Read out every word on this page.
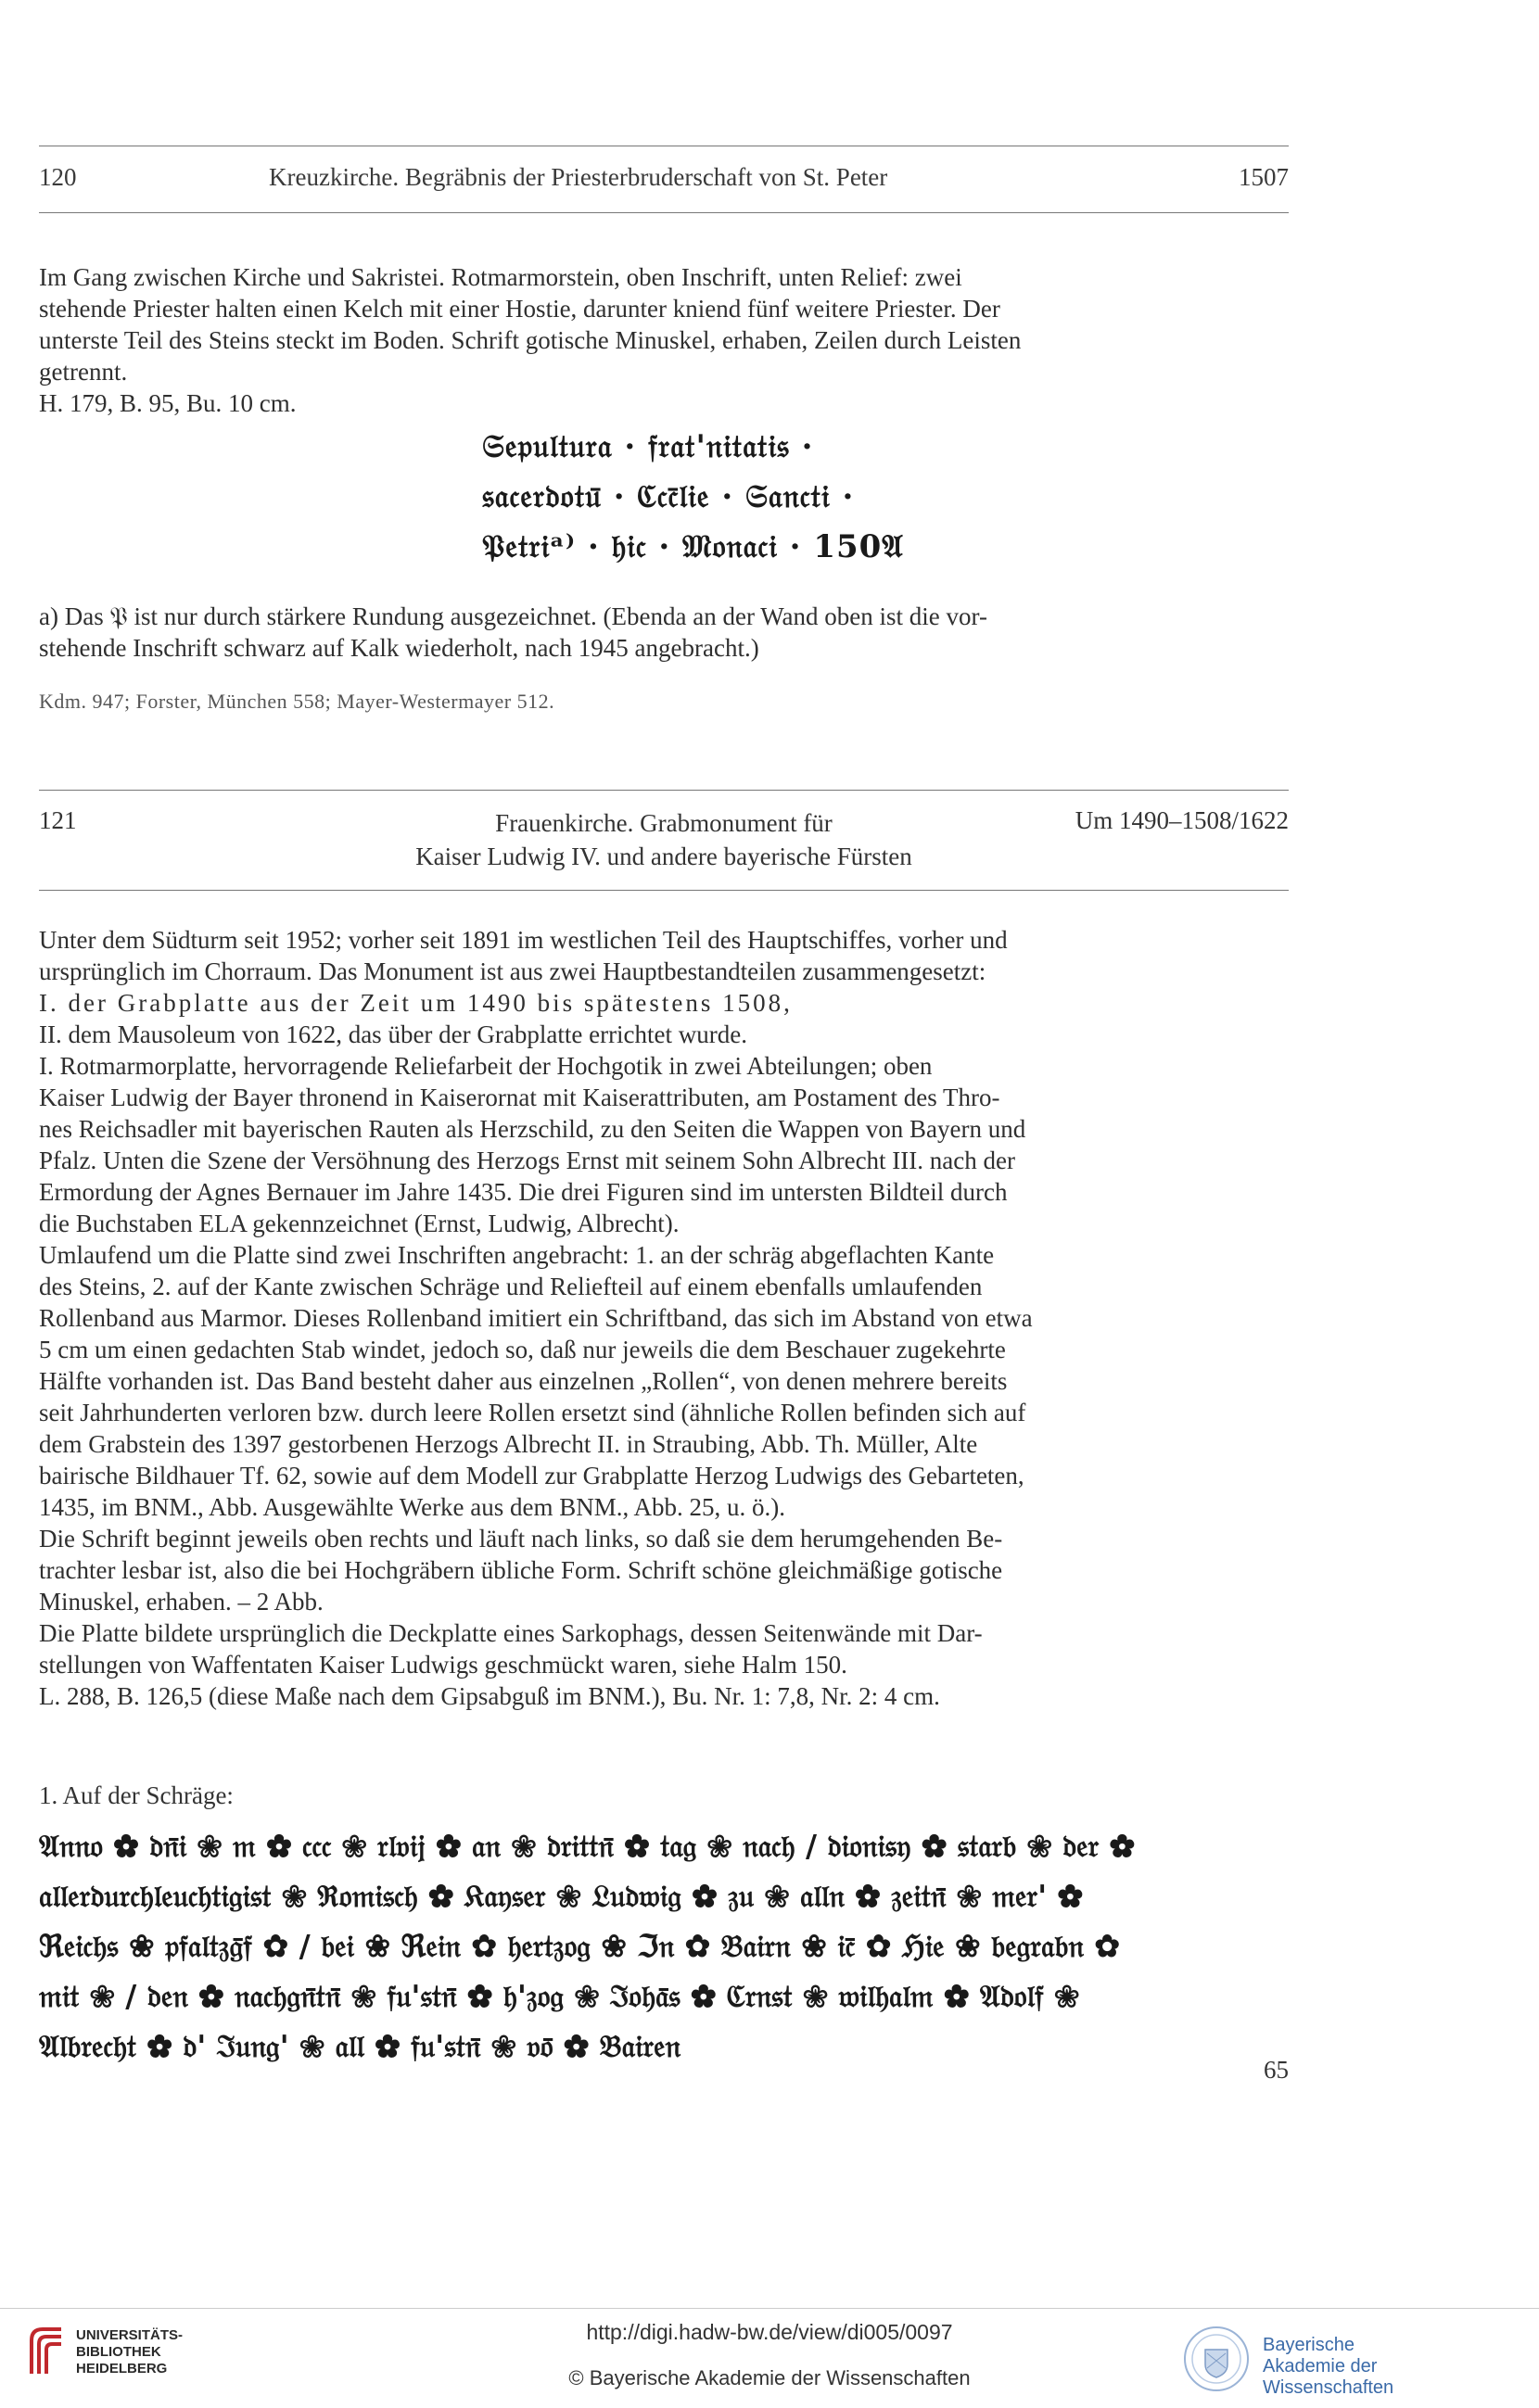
120	Kreuzkirche. Begräbnis der Priesterbruderschaft von St. Peter	1507

Im Gang zwischen Kirche und Sakristei. Rotmarmorstein, oben Inschrift, unten Relief: zwei

stehende Priester halten einen Kelch mit einer Hostie, darunter kniend fünf weitere Priester. Der

unterste Teil des Steins steckt im Boden. Schrift gotische Minuskel, erhaben, Zeilen durch Leisten

getrennt.

H. 179, B. 95, Bu. 10 cm.

𝔖𝔢𝔭𝔲𝔩𝔱𝔲𝔯𝔞 · 𝔣𝔯𝔞𝔱'𝔫𝔦𝔱𝔞𝔱𝔦𝔰 ·
𝔰𝔞𝔠𝔢𝔯𝔡𝔬𝔱𝔲̄ · ℭ𝔠𝔠̄𝔩𝔦𝔢 · 𝔖𝔞𝔫𝔠𝔱𝔦 ·
𝔓𝔢𝔱𝔯𝔦ᵃ⁾ · 𝔥𝔦𝔠 · 𝔐𝔬𝔫𝔞𝔠𝔦 · 150𝔄

a) Das 𝔓 ist nur durch stärkere Rundung ausgezeichnet. (Ebenda an der Wand oben ist die vor-

stehende Inschrift schwarz auf Kalk wiederholt, nach 1945 angebracht.)

Kdm. 947; Forster, München 558; Mayer-Westermayer 512.
121	Frauenkirche. Grabmonument für
Kaiser Ludwig IV. und andere bayerische Fürsten
Um 1490–1508/1622

Unter dem Südturm seit 1952; vorher seit 1891 im westlichen Teil des Hauptschiffes, vorher und

ursprünglich im Chorraum. Das Monument ist aus zwei Hauptbestandteilen zusammengesetzt:

I. der Grabplatte aus der Zeit um 1490 bis spätestens 1508,

II. dem Mausoleum von 1622, das über der Grabplatte errichtet wurde.

I. Rotmarmorplatte, hervorragende Reliefarbeit der Hochgotik in zwei Abteilungen; oben

Kaiser Ludwig der Bayer thronend in Kaiserornat mit Kaiserattributen, am Postament des Thro-

nes Reichsadler mit bayerischen Rauten als Herzschild, zu den Seiten die Wappen von Bayern und

Pfalz. Unten die Szene der Versöhnung des Herzogs Ernst mit seinem Sohn Albrecht III. nach der

Ermordung der Agnes Bernauer im Jahre 1435. Die drei Figuren sind im untersten Bildteil durch

die Buchstaben ELA gekennzeichnet (Ernst, Ludwig, Albrecht).

Umlaufend um die Platte sind zwei Inschriften angebracht: 1. an der schräg abgeflachten Kante

des Steins, 2. auf der Kante zwischen Schräge und Reliefteil auf einem ebenfalls umlaufenden

Rollenband aus Marmor. Dieses Rollenband imitiert ein Schriftband, das sich im Abstand von etwa

5 cm um einen gedachten Stab windet, jedoch so, daß nur jeweils die dem Beschauer zugekehrte

Hälfte vorhanden ist. Das Band besteht daher aus einzelnen „Rollen“, von denen mehrere bereits

seit Jahrhunderten verloren bzw. durch leere Rollen ersetzt sind (ähnliche Rollen befinden sich auf

dem Grabstein des 1397 gestorbenen Herzogs Albrecht II. in Straubing, Abb. Th. Müller, Alte

bairische Bildhauer Tf. 62, sowie auf dem Modell zur Grabplatte Herzog Ludwigs des Gebarteten,

1435, im BNM., Abb. Ausgewählte Werke aus dem BNM., Abb. 25, u. ö.).

Die Schrift beginnt jeweils oben rechts und läuft nach links, so daß sie dem herumgehenden Be-

trachter lesbar ist, also die bei Hochgräbern übliche Form. Schrift schöne gleichmäßige gotische

Minuskel, erhaben. – 2 Abb.

Die Platte bildete ursprünglich die Deckplatte eines Sarkophags, dessen Seitenwände mit Dar-

stellungen von Waffentaten Kaiser Ludwigs geschmückt waren, siehe Halm 150.

L. 288, B. 126,5 (diese Maße nach dem Gipsabguß im BNM.), Bu. Nr. 1: 7,8, Nr. 2: 4 cm.

1. Auf der Schräge:
𝔄𝔫𝔫𝔬 ✿ 𝔡𝔫̄𝔦 ❀ 𝔪 ✿ 𝔠𝔠𝔠 ❀ 𝔯𝔩𝔳𝔦𝔧 ✿ 𝔞𝔫 ❀ 𝔡𝔯𝔦𝔱𝔱𝔫̄ ✿ 𝔱𝔞𝔤 ❀ 𝔫𝔞𝔠𝔥 / 𝔡𝔦𝔬𝔫𝔦𝔰𝔶 ✿ 𝔰𝔱𝔞𝔯𝔟 ❀ 𝔡𝔢𝔯 ✿
𝔞𝔩𝔩𝔢𝔯𝔡𝔲𝔯𝔠𝔥𝔩𝔢𝔲𝔠𝔥𝔱𝔦𝔤𝔦𝔰𝔱 ❀ ℜ𝔬𝔪𝔦𝔰𝔠𝔥 ✿ 𝔎𝔞𝔶𝔰𝔢𝔯 ❀ 𝔏𝔲𝔡𝔴𝔦𝔤 ✿ 𝔷𝔲 ❀ 𝔞𝔩𝔩𝔫 ✿ 𝔷𝔢𝔦𝔱𝔫̄ ❀ 𝔪𝔢𝔯' ✿
ℜ𝔢𝔦𝔠𝔥𝔰 ❀ 𝔭𝔣𝔞𝔩𝔱𝔷𝔤̄𝔣 ✿ / 𝔟𝔢𝔦 ❀ ℜ𝔢𝔦𝔫 ✿ 𝔥𝔢𝔯𝔱𝔷𝔬𝔤 ❀ ℑ𝔫 ✿ 𝔅𝔞𝔦𝔯𝔫 ❀ 𝔦𝔠̄ ✿ ℌ𝔦𝔢 ❀ 𝔟𝔢𝔤𝔯𝔞𝔟𝔫 ✿
𝔪𝔦𝔱 ❀ / 𝔡𝔢𝔫 ✿ 𝔫𝔞𝔠𝔥𝔤𝔫̄𝔱𝔫̄ ❀ 𝔣𝔲'𝔰𝔱𝔫̄ ✿ 𝔥'𝔷𝔬𝔤 ❀ ℑ𝔬𝔥𝔞̄𝔰 ✿ ℭ𝔯𝔫𝔰𝔱 ❀ 𝔴𝔦𝔩𝔥𝔞𝔩𝔪 ✿ 𝔄𝔡𝔬𝔩𝔣 ❀
𝔄𝔩𝔟𝔯𝔢𝔠𝔥𝔱 ✿ 𝔡' ℑ𝔲𝔫𝔤' ❀ 𝔞𝔩𝔩 ✿ 𝔣𝔲'𝔰𝔱𝔫̄ ❀ 𝔳𝔬̄ ✿ 𝔅𝔞𝔦𝔯𝔢𝔫
65
UNIVERSITÄTS-
BIBLIOTHEK
HEIDELBERG
http://digi.hadw-bw.de/view/di005/0097
© Bayerische Akademie der Wissenschaften
Bayerische
Akademie der Wissenschaften
